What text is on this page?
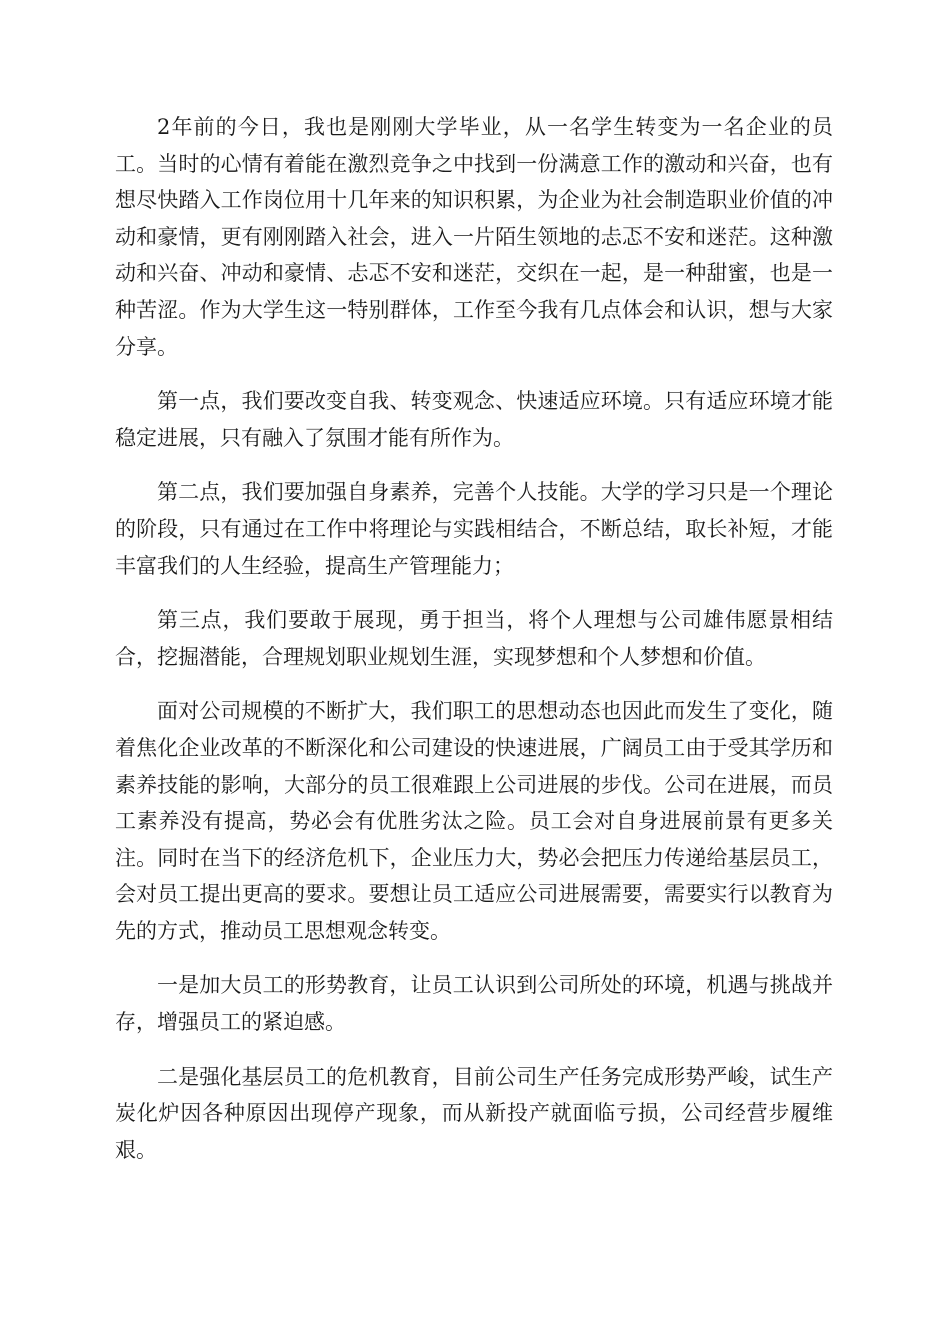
2年前的今日，我也是刚刚大学毕业，从一名学生转变为一名企业的员工。当时的心情有着能在激烈竞争之中找到一份满意工作的激动和兴奋，也有想尽快踏入工作岗位用十几年来的知识积累，为企业为社会制造职业价值的冲动和豪情，更有刚刚踏入社会，进入一片陌生领地的忐忑不安和迷茫。这种激动和兴奋、冲动和豪情、忐忑不安和迷茫，交织在一起，是一种甜蜜，也是一种苦涩。作为大学生这一特别群体，工作至今我有几点体会和认识，想与大家分享。

第一点，我们要改变自我、转变观念、快速适应环境。只有适应环境才能稳定进展，只有融入了氛围才能有所作为。

第二点，我们要加强自身素养，完善个人技能。大学的学习只是一个理论的阶段，只有通过在工作中将理论与实践相结合，不断总结，取长补短，才能丰富我们的人生经验，提高生产管理能力；

第三点，我们要敢于展现，勇于担当，将个人理想与公司雄伟愿景相结合，挖掘潜能，合理规划职业规划生涯，实现梦想和个人梦想和价值。

面对公司规模的不断扩大，我们职工的思想动态也因此而发生了变化，随着焦化企业改革的不断深化和公司建设的快速进展，广阔员工由于受其学历和素养技能的影响，大部分的员工很难跟上公司进展的步伐。公司在进展，而员工素养没有提高，势必会有优胜劣汰之险。员工会对自身进展前景有更多关注。同时在当下的经济危机下，企业压力大，势必会把压力传递给基层员工，会对员工提出更高的要求。要想让员工适应公司进展需要，需要实行以教育为先的方式，推动员工思想观念转变。

一是加大员工的形势教育，让员工认识到公司所处的环境，机遇与挑战并存，增强员工的紧迫感。

二是强化基层员工的危机教育，目前公司生产任务完成形势严峻，试生产炭化炉因各种原因出现停产现象，而从新投产就面临亏损，公司经营步履维艰。
